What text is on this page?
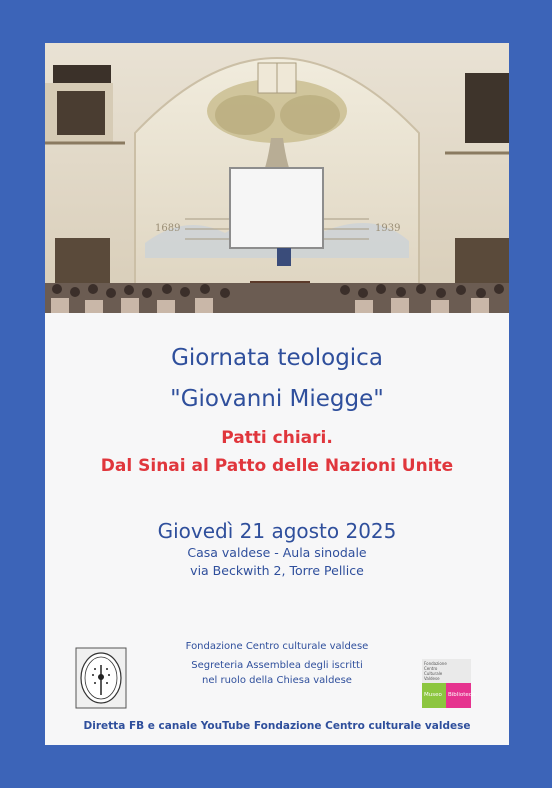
1689	1939
Giornata teologica
"Giovanni Miegge"
Patti chiari.
Dal Sinai al Patto delle Nazioni Unite
Giovedì 21 agosto 2025
Casa valdese - Aula sinodale
via Beckwith 2, Torre Pellice
Fondazione Centro culturale valdese
Segreteria Assemblea degli iscritti
nel ruolo della Chiesa valdese
Fondazione Centro Culturale Valdese
Museo Biblioteca
Diretta FB e canale YouTube Fondazione Centro culturale valdese
